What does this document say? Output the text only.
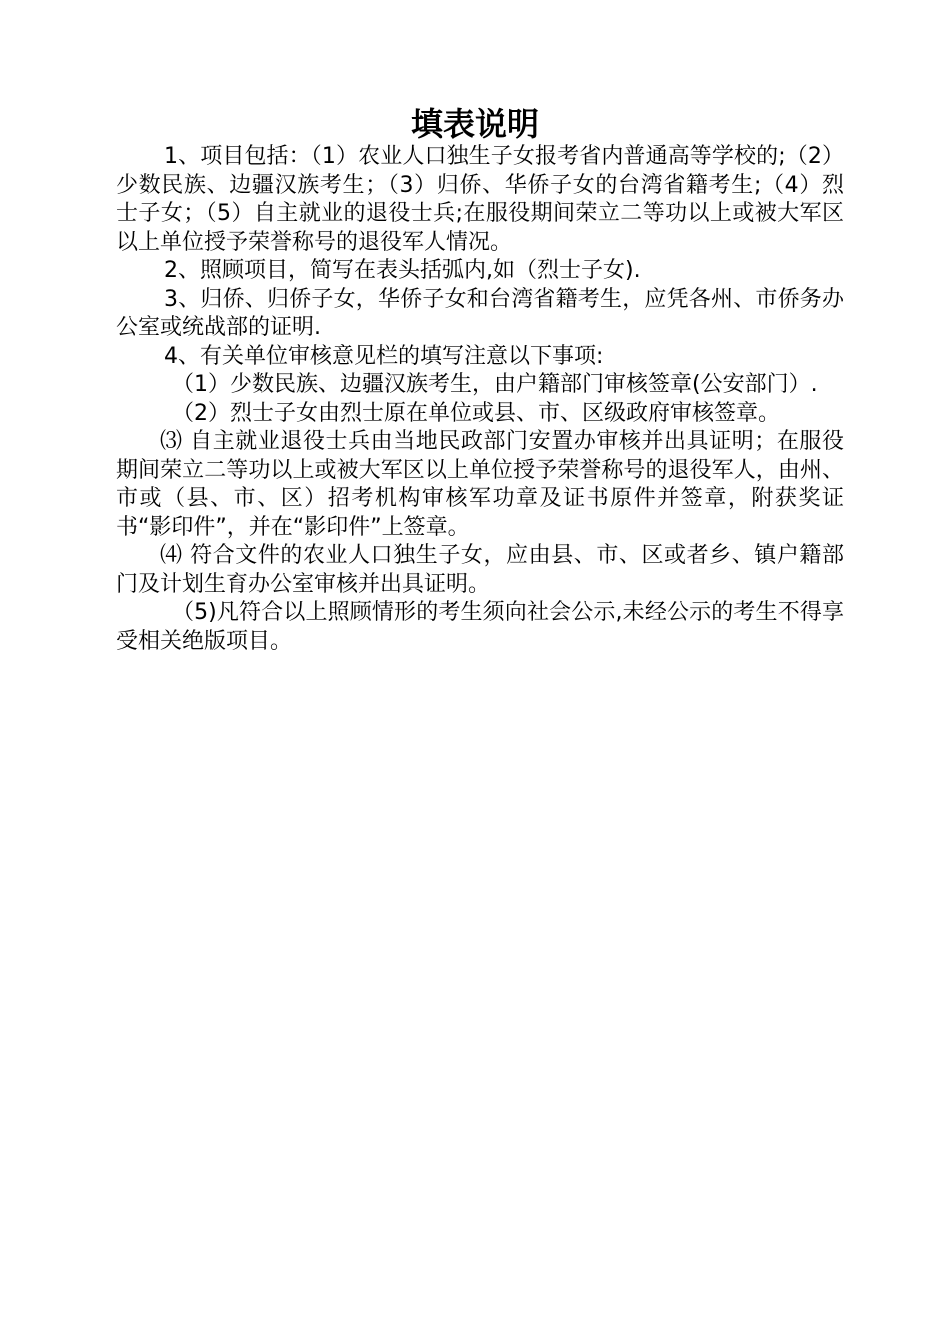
填表说明

1、项目包括：（1）农业人口独生子女报考省内普通高等学校的;（2）少数民族、边疆汉族考生；（3）归侨、华侨子女的台湾省籍考生;（4）烈士子女；（5）自主就业的退役士兵;在服役期间荣立二等功以上或被大军区以上单位授予荣誉称号的退役军人情况。

2、照顾项目，简写在表头括弧内,如（烈士子女).

3、归侨、归侨子女，华侨子女和台湾省籍考生，应凭各州、市侨务办公室或统战部的证明.

4、有关单位审核意见栏的填写注意以下事项:

（1）少数民族、边疆汉族考生，由户籍部门审核签章(公安部门）.

（2）烈士子女由烈士原在单位或县、市、区级政府审核签章。

⑶ 自主就业退役士兵由当地民政部门安置办审核并出具证明；在服役期间荣立二等功以上或被大军区以上单位授予荣誉称号的退役军人，由州、市或（县、市、区）招考机构审核军功章及证书原件并签章，附获奖证书“影印件”，并在“影印件”上签章。

⑷ 符合文件的农业人口独生子女，应由县、市、区或者乡、镇户籍部门及计划生育办公室审核并出具证明。

（5)凡符合以上照顾情形的考生须向社会公示,未经公示的考生不得享受相关绝版项目。
